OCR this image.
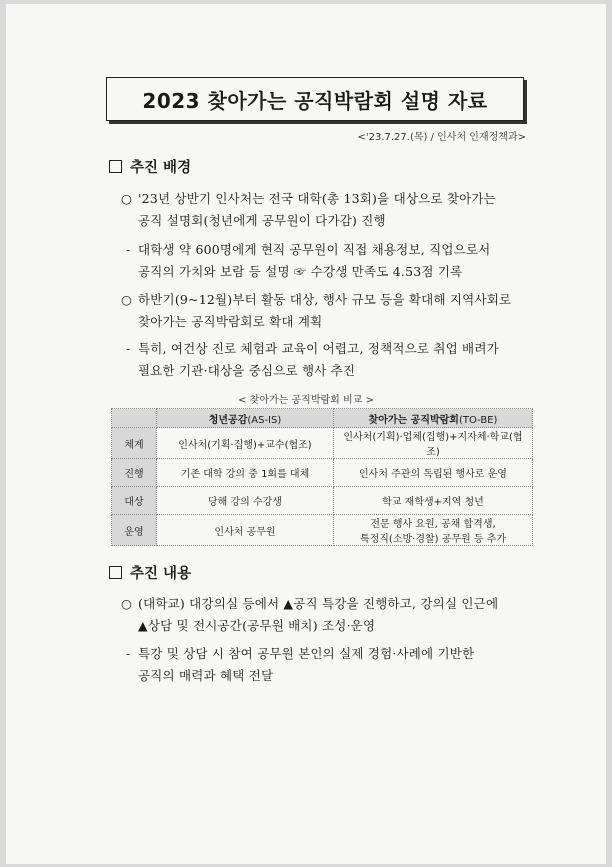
2023 찾아가는 공직박람회 설명 자료
<'23.7.27.(목) / 인사처 인재정책과>
추진 배경
○ '23년 상반기 인사처는 전국 대학(총 13회)을 대상으로 찾아가는
공직 설명회(청년에게 공무원이 다가감) 진행
- 대학생 약 600명에게 현직 공무원이 직접 채용정보, 직업으로서
공직의 가치와 보람 등 설명 ☞ 수강생 만족도 4.53점 기록
○ 하반기(9~12월)부터 활동 대상, 행사 규모 등을 확대해 지역사회로
찾아가는 공직박람회로 확대 계획
- 특히, 여건상 진로 체험과 교육이 어렵고, 정책적으로 취업 배려가
필요한 기관·대상을 중심으로 행사 추진
< 찾아가는 공직박람회 비교 >
	청년공감(AS-IS)	찾아가는 공직박람회(TO-BE)
체계	인사처(기획·집행)+교수(협조)	인사처(기획)·업체(집행)+지자체·학교(협조)
진행	기존 대학 강의 중 1회를 대체	인사처 주관의 독립된 행사로 운영
대상	당해 강의 수강생	학교 재학생+지역 청년
운영	인사처 공무원	전문 행사 요원, 공채 합격생,
특정직(소방·경찰) 공무원 등 추가
추진 내용
○ (대학교) 대강의실 등에서 ▲공직 특강을 진행하고, 강의실 인근에
▲상담 및 전시공간(공무원 배치) 조성·운영
- 특강 및 상담 시 참여 공무원 본인의 실제 경험·사례에 기반한
공직의 매력과 혜택 전달
